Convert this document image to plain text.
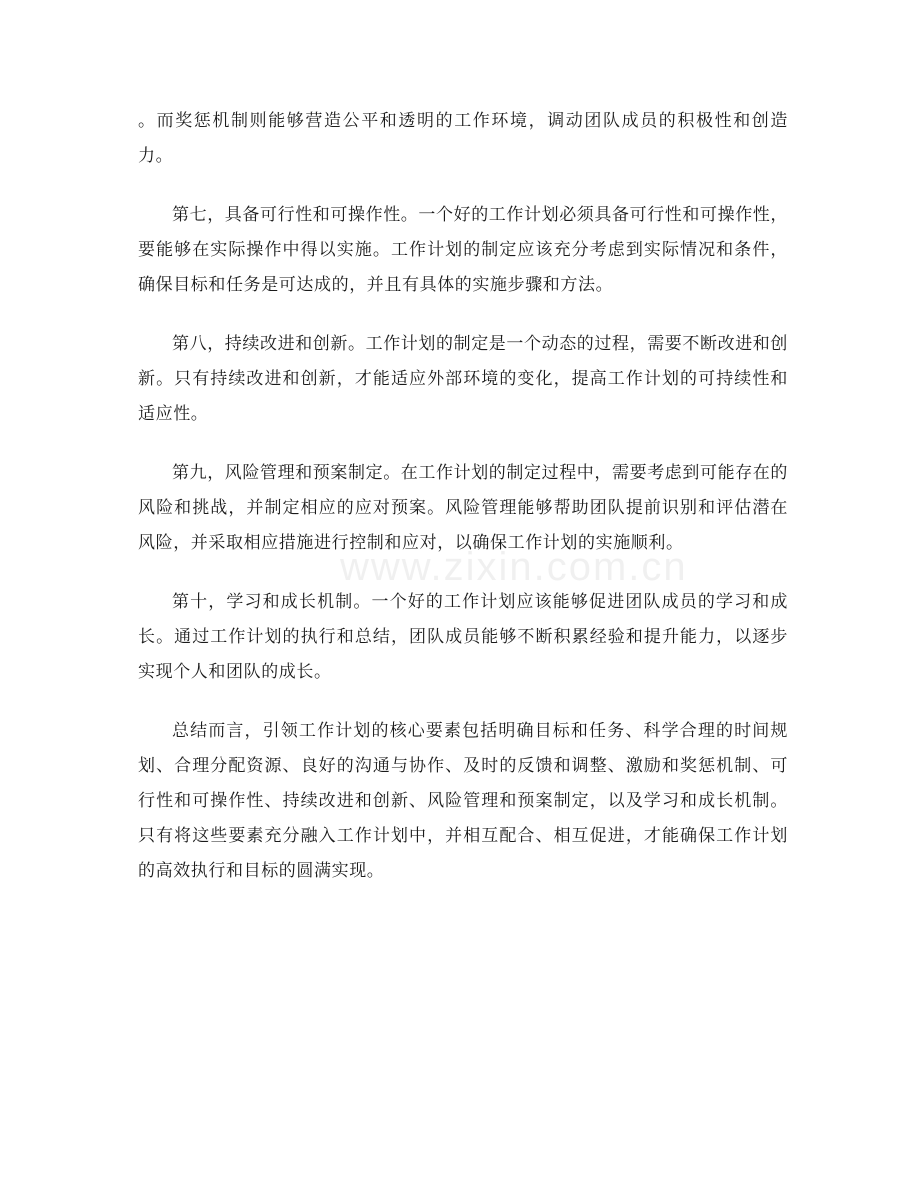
。而奖惩机制则能够营造公平和透明的工作环境，调动团队成员的积极性和创造力。

第七，具备可行性和可操作性。一个好的工作计划必须具备可行性和可操作性，要能够在实际操作中得以实施。工作计划的制定应该充分考虑到实际情况和条件，确保目标和任务是可达成的，并且有具体的实施步骤和方法。

第八，持续改进和创新。工作计划的制定是一个动态的过程，需要不断改进和创新。只有持续改进和创新，才能适应外部环境的变化，提高工作计划的可持续性和适应性。

第九，风险管理和预案制定。在工作计划的制定过程中，需要考虑到可能存在的风险和挑战，并制定相应的应对预案。风险管理能够帮助团队提前识别和评估潜在风险，并采取相应措施进行控制和应对，以确保工作计划的实施顺利。

第十，学习和成长机制。一个好的工作计划应该能够促进团队成员的学习和成长。通过工作计划的执行和总结，团队成员能够不断积累经验和提升能力，以逐步实现个人和团队的成长。

总结而言，引领工作计划的核心要素包括明确目标和任务、科学合理的时间规划、合理分配资源、良好的沟通与协作、及时的反馈和调整、激励和奖惩机制、可行性和可操作性、持续改进和创新、风险管理和预案制定，以及学习和成长机制。只有将这些要素充分融入工作计划中，并相互配合、相互促进，才能确保工作计划的高效执行和目标的圆满实现。

www.zixin.com.cn
